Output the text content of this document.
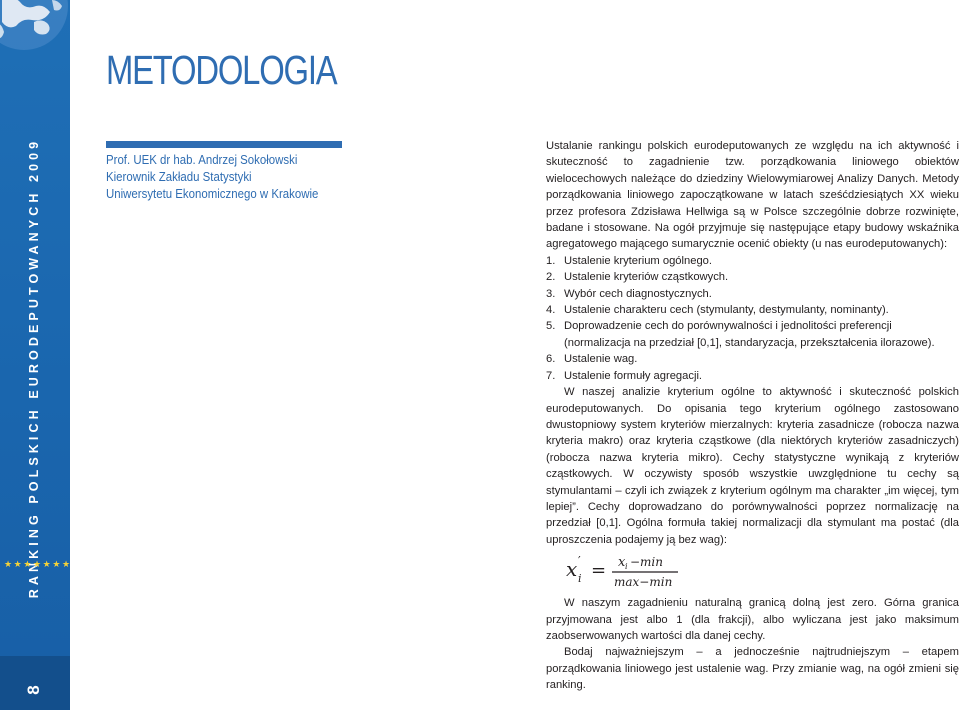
RANKING POLSKICH EURODEPUTOWANYCH 2009
★★★★★★★
8
METODOLOGIA
Prof. UEK dr hab. Andrzej Sokołowski
Kierownik Zakładu Statystyki
Uniwersytetu Ekonomicznego w Krakowie

Ustalanie rankingu polskich eurodeputowanych ze względu na ich aktywność i skuteczność to zagadnienie tzw. porządkowania liniowego obiektów wielocechowych należące do dziedziny Wielowymiarowej Analizy Danych. Metody porządkowania liniowego zapoczątkowane w latach sześćdziesiątych XX wieku przez profesora Zdzisława Hellwiga są w Polsce szczególnie dobrze rozwinięte, badane i stosowane. Na ogół przyjmuje się następujące etapy budowy wskaźnika agregatowego mającego sumarycznie ocenić obiekty (u nas eurodeputowanych):

1. Ustalenie kryterium ogólnego.
2. Ustalenie kryteriów cząstkowych.
3. Wybór cech diagnostycznych.
4. Ustalenie charakteru cech (stymulanty, destymulanty, nominanty).
5. Doprowadzenie cech do porównywalności i jednolitości preferencji (normalizacja na przedział [0,1], standaryzacja, przekształcenia ilorazowe).
6. Ustalenie wag.
7. Ustalenie formuły agregacji.

W naszej analizie kryterium ogólne to aktywność i skuteczność polskich eurodeputowanych. Do opisania tego kryterium ogólnego zastosowano dwustopniowy system kryteriów mierzalnych: kryteria zasadnicze (robocza nazwa kryteria makro) oraz kryteria cząstkowe (dla niektórych kryteriów zasadniczych) (robocza nazwa kryteria mikro). Cechy statystyczne wynikają z kryteriów cząstkowych. W oczywisty sposób wszystkie uwzględnione tu cechy są stymulantami – czyli ich związek z kryterium ogólnym ma charakter „im więcej, tym lepiej”. Cechy doprowadzano do porównywalności poprzez normalizację na przedział [0,1]. Ogólna formuła takiej normalizacji dla stymulant ma postać (dla uproszczenia podajemy ją bez wag):

x i
′ = x i −min
max−min

W naszym zagadnieniu naturalną granicą dolną jest zero. Górna granica przyjmowana jest albo 1 (dla frakcji), albo wyliczana jest jako maksimum zaobserwowanych wartości dla danej cechy.

Bodaj najważniejszym – a jednocześnie najtrudniejszym – etapem porządkowania liniowego jest ustalenie wag. Przy zmianie wag, na ogół zmieni się ranking.
